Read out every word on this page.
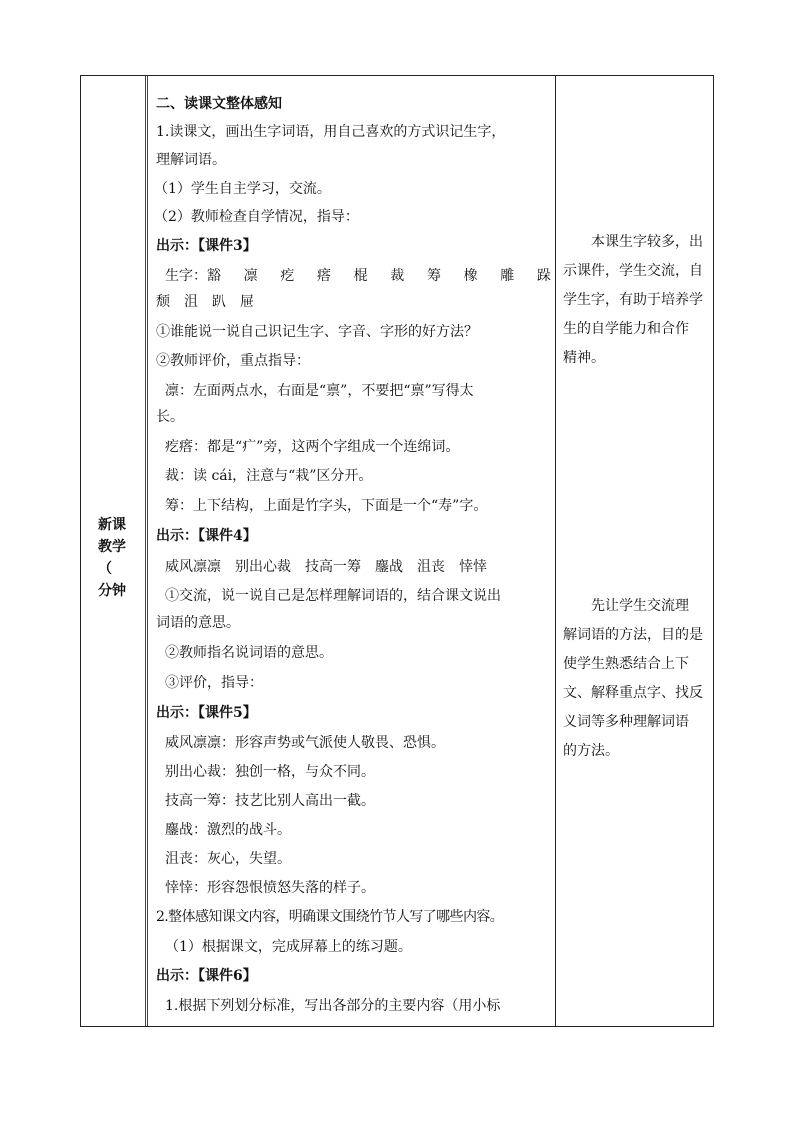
新课
教学
（
分钟
二、读课文整体感知
1.读课文，画出生字词语，用自己喜欢的方式识记生字，
理解词语。
（1）学生自主学习，交流。
（2）教师检查自学情况，指导：
出示：【课件3】
生字：豁 凛 疙 瘩 棍 裁 筹 橡 雕 跺
颓　沮　趴　屉
①谁能说一说自己识记生字、字音、字形的好方法？
②教师评价，重点指导：
凛：左面两点水，右面是“禀”，不要把“禀”写得太
长。
疙瘩：都是“疒”旁，这两个字组成一个连绵词。
裁：读 cái，注意与“栽”区分开。
筹：上下结构，上面是竹字头，下面是一个“寿”字。
出示：【课件4】
威风凛凛　别出心裁　技高一筹　鏖战　沮丧　悻悻
①交流，说一说自己是怎样理解词语的，结合课文说出
词语的意思。
②教师指名说词语的意思。
③评价，指导：
出示：【课件5】
威风凛凛：形容声势或气派使人敬畏、恐惧。
别出心裁：独创一格，与众不同。
技高一筹：技艺比别人高出一截。
鏖战：激烈的战斗。
沮丧：灰心，失望。
悻悻：形容怨恨愤怒失落的样子。
2.整体感知课文内容，明确课文围绕竹节人写了哪些内容。
（1）根据课文，完成屏幕上的练习题。
出示：【课件6】
1.根据下列划分标准，写出各部分的主要内容（用小标
　　本课生字较多，出
示课件，学生交流，自
学生字，有助于培养学
生的自学能力和合作
精神。
　　先让学生交流理
解词语的方法，目的是
使学生熟悉结合上下
文、解释重点字、找反
义词等多种理解词语
的方法。
